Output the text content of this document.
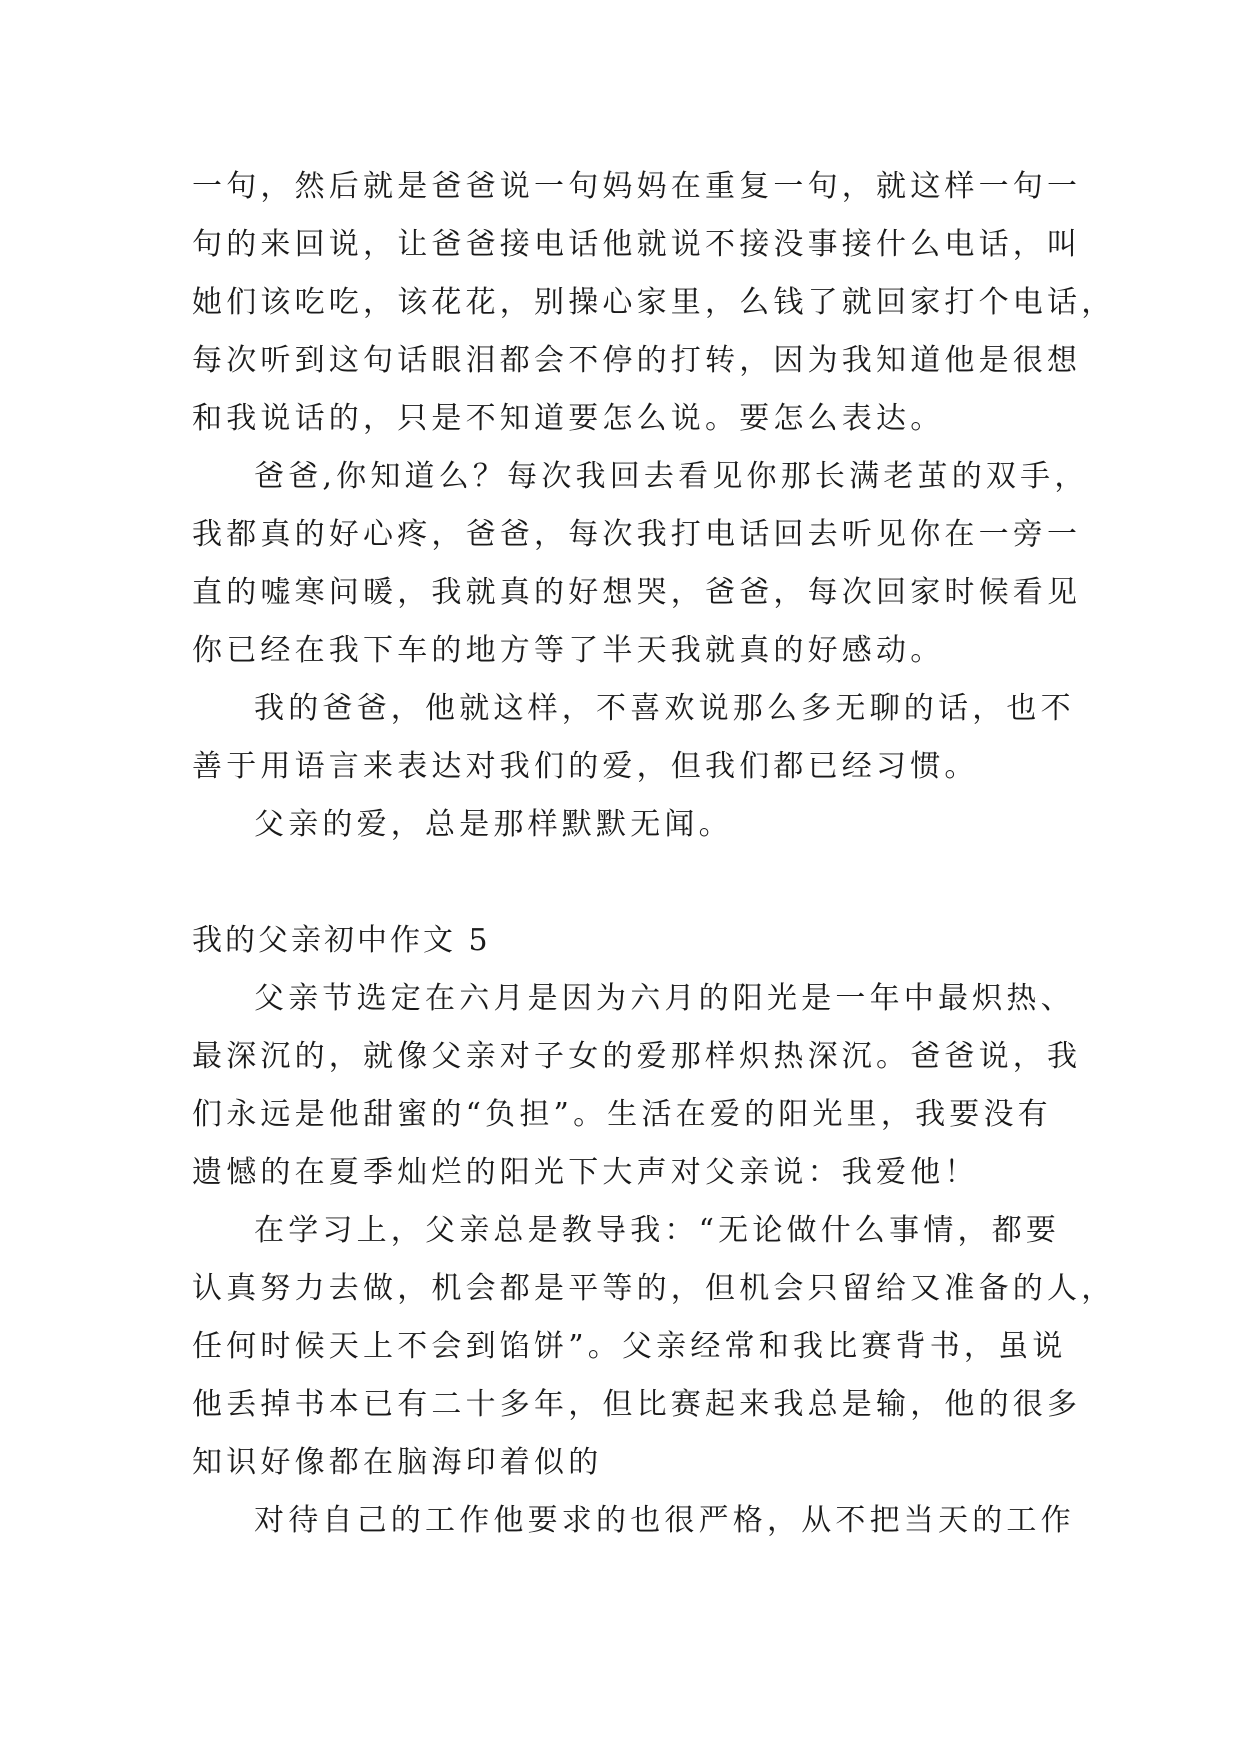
一句，然后就是爸爸说一句妈妈在重复一句，就这样一句一
句的来回说，让爸爸接电话他就说不接没事接什么电话，叫
她们该吃吃，该花花，别操心家里，么钱了就回家打个电话，
每次听到这句话眼泪都会不停的打转，因为我知道他是很想
和我说话的，只是不知道要怎么说。要怎么表达。
爸爸,你知道么？每次我回去看见你那长满老茧的双手，
我都真的好心疼，爸爸，每次我打电话回去听见你在一旁一
直的嘘寒问暖，我就真的好想哭，爸爸，每次回家时候看见
你已经在我下车的地方等了半天我就真的好感动。
我的爸爸，他就这样，不喜欢说那么多无聊的话，也不
善于用语言来表达对我们的爱，但我们都已经习惯。
父亲的爱，总是那样默默无闻。
我的父亲初中作文 5
父亲节选定在六月是因为六月的阳光是一年中最炽热、
最深沉的，就像父亲对子女的爱那样炽热深沉。爸爸说，我
们永远是他甜蜜的“负担”。生活在爱的阳光里，我要没有
遗憾的在夏季灿烂的阳光下大声对父亲说：我爱他！
在学习上，父亲总是教导我：“无论做什么事情，都要
认真努力去做，机会都是平等的，但机会只留给又准备的人，
任何时候天上不会到馅饼”。父亲经常和我比赛背书，虽说
他丢掉书本已有二十多年，但比赛起来我总是输，他的很多
知识好像都在脑海印着似的
对待自己的工作他要求的也很严格，从不把当天的工作
